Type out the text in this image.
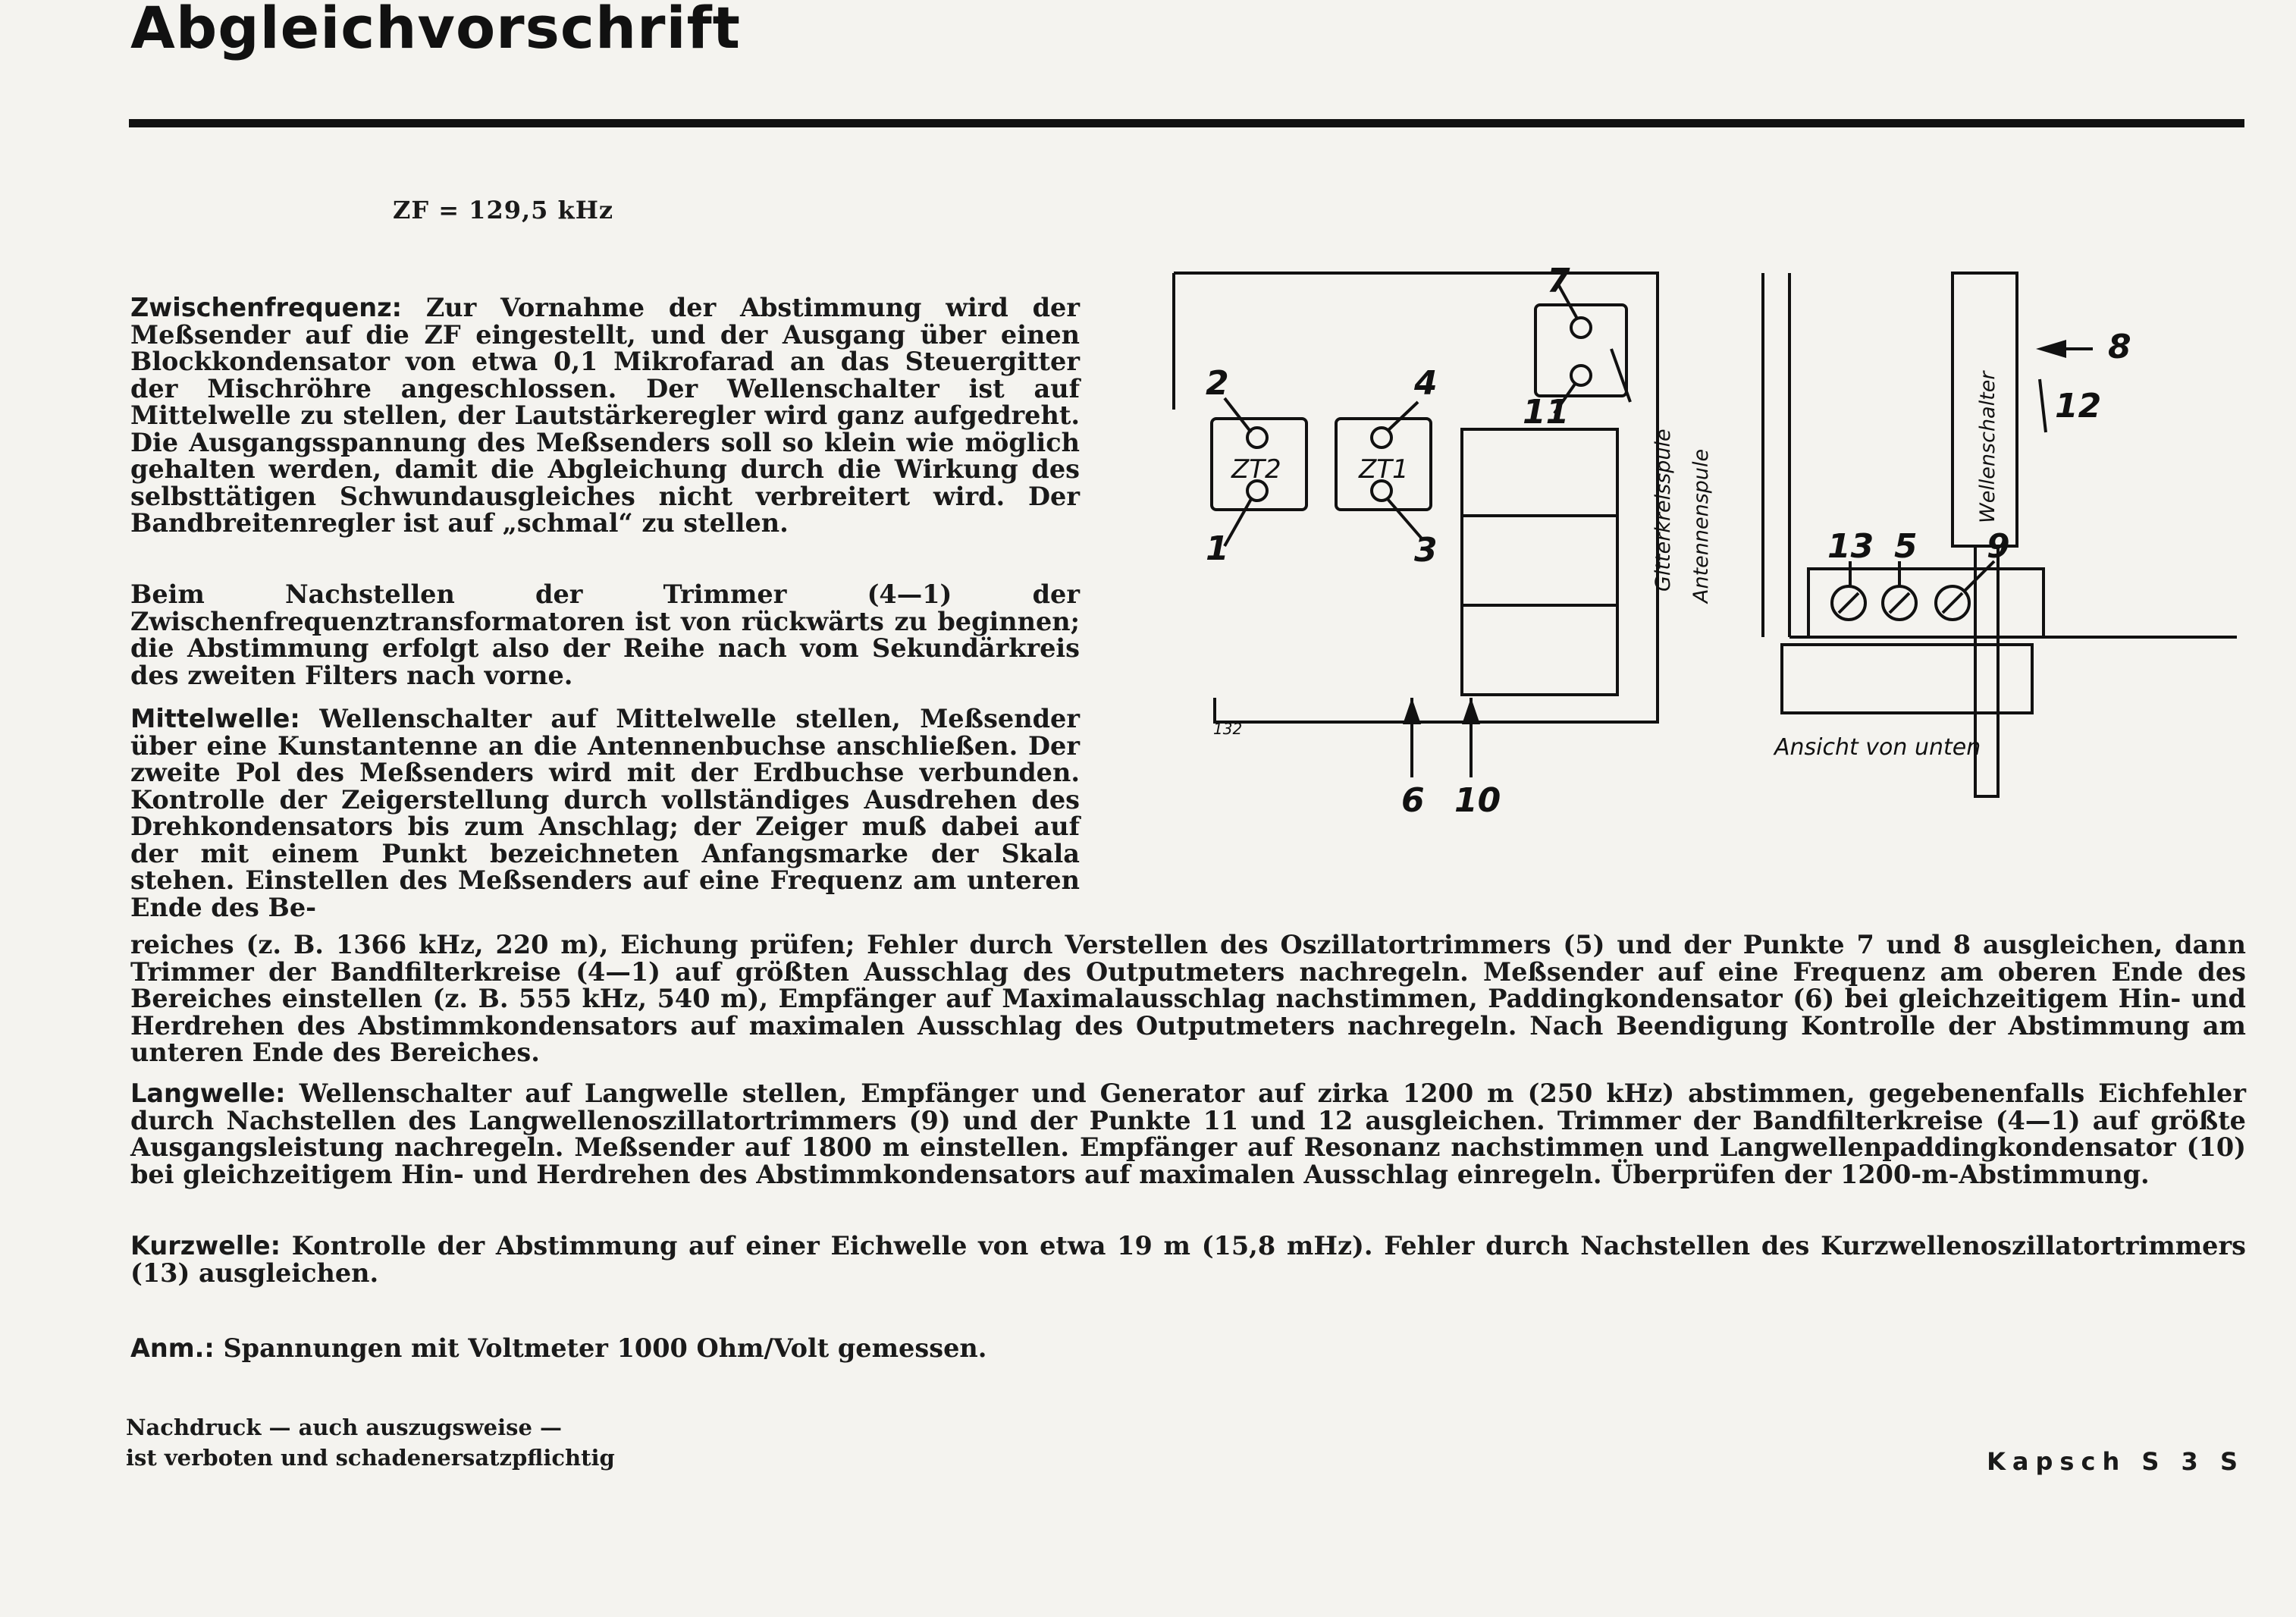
Abgleichvorschrift
ZF = 129,5 kHz

Zwischenfrequenz: Zur Vornahme der Abstimmung wird der Meßsender auf die ZF eingestellt, und der Ausgang über einen Blockkondensator von etwa 0,1 Mikrofarad an das Steuergitter der Mischröhre angeschlossen. Der Wellenschalter ist auf Mittelwelle zu stellen, der Lautstärkeregler wird ganz aufgedreht. Die Ausgangsspannung des Meßsenders soll so klein wie möglich gehalten werden, damit die Abgleichung durch die Wirkung des selbsttätigen Schwundausgleiches nicht verbreitert wird. Der Bandbreitenregler ist auf „schmal“ zu stellen.

Beim Nachstellen der Trimmer (4—1) der Zwischenfrequenztransformatoren ist von rückwärts zu beginnen; die Abstimmung erfolgt also der Reihe nach vom Sekundärkreis des zweiten Filters nach vorne.

Mittelwelle: Wellenschalter auf Mittelwelle stellen, Meßsender über eine Kunstantenne an die Antennenbuchse anschließen. Der zweite Pol des Meßsenders wird mit der Erdbuchse verbunden. Kontrolle der Zeigerstellung durch vollständiges Ausdrehen des Drehkondensators bis zum Anschlag; der Zeiger muß dabei auf der mit einem Punkt bezeichneten Anfangsmarke der Skala stehen. Einstellen des Meßsenders auf eine Frequenz am unteren Ende des Be-

reiches (z. B. 1366 kHz, 220 m), Eichung prüfen; Fehler durch Verstellen des Oszillatortrimmers (5) und der Punkte 7 und 8 ausgleichen, dann Trimmer der Bandfilterkreise (4—1) auf größten Ausschlag des Outputmeters nachregeln. Meßsender auf eine Frequenz am oberen Ende des Bereiches einstellen (z. B. 555 kHz, 540 m), Empfänger auf Maximalausschlag nachstimmen, Paddingkondensator (6) bei gleichzeitigem Hin- und Herdrehen des Abstimmkondensators auf maximalen Ausschlag des Outputmeters nachregeln. Nach Beendigung Kontrolle der Abstimmung am unteren Ende des Bereiches.

Langwelle: Wellenschalter auf Langwelle stellen, Empfänger und Generator auf zirka 1200 m (250 kHz) abstimmen, gegebenenfalls Eichfehler durch Nachstellen des Langwellenoszillatortrimmers (9) und der Punkte 11 und 12 ausgleichen. Trimmer der Bandfilterkreise (4—1) auf größte Ausgangsleistung nachregeln. Meßsender auf 1800 m einstellen. Empfänger auf Resonanz nachstimmen und Langwellenpaddingkondensator (10) bei gleichzeitigem Hin- und Herdrehen des Abstimmkondensators auf maximalen Ausschlag einregeln. Überprüfen der 1200-m-Abstimmung.

Kurzwelle: Kontrolle der Abstimmung auf einer Eichwelle von etwa 19 m (15,8 mHz). Fehler durch Nachstellen des Kurzwellenoszillatortrimmers (13) ausgleichen.

Anm.: Spannungen mit Voltmeter 1000 Ohm/Volt gemessen.

Nachdruck — auch auszugsweise —
ist verboten und schadenersatzpflichtig	Kapsch S 3 S
ZT2	ZT1	Gitterkreisspule Antennenspule
Wellenschalter
Ansicht von unten
132
1
2
3
4
5
6
7
8
9
10
11	12
13
